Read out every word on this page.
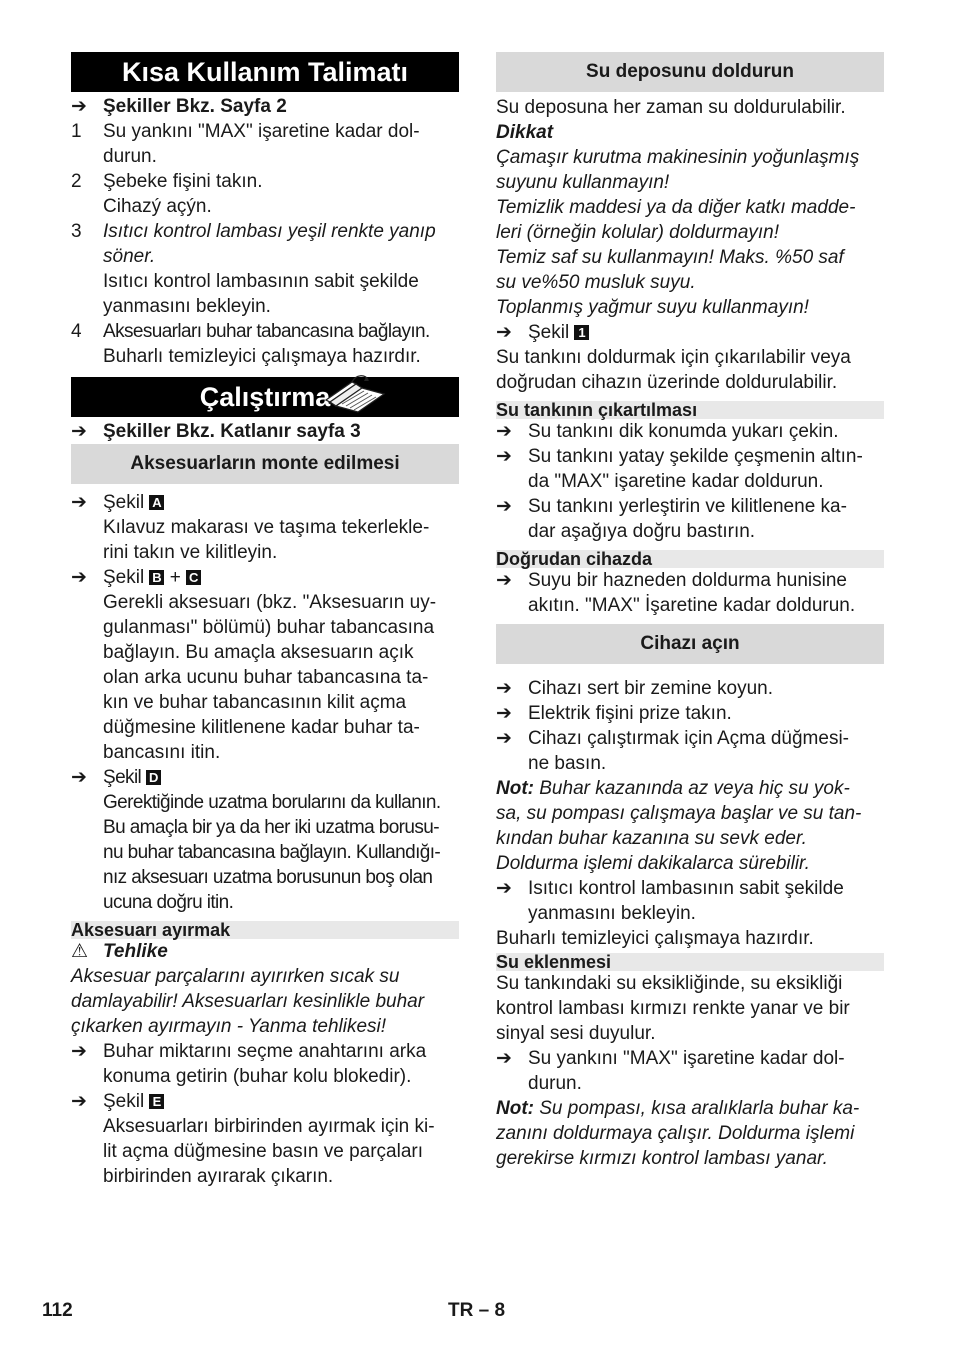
Kısa Kullanım Talimatı
➔ Şekiller Bkz. Sayfa 2
1	Su yankını "MAX" işaretine kadar dol-
durun.
2	Şebeke fişini takın.
Cihazý açýn.
3	Isıtıcı kontrol lambası yeşil renkte yanıp
söner.
Isıtıcı kontrol lambasının sabit şekilde
yanmasını bekleyin.
4	Aksesuarları buhar tabancasına bağlayın.
Buharlı temizleyici çalışmaya hazırdır.
Çalıştırma
➔ Şekiller Bkz. Katlanır sayfa 3
Aksesuarların monte edilmesi
➔ Şekil A
Kılavuz makarası ve taşıma tekerlekle-
rini takın ve kilitleyin.
➔ Şekil B + C
Gerekli aksesuarı (bkz. "Aksesuarın uy-
gulanması" bölümü) buhar tabancasına
bağlayın. Bu amaçla aksesuarın açık
olan arka ucunu buhar tabancasına ta-
kın ve buhar tabancasının kilit açma
düğmesine kilitlenene kadar buhar ta-
bancasını itin.
➔ Şekil D
Gerektiğinde uzatma borularını da kullanın.
Bu amaçla bir ya da her iki uzatma borusu-
nu buhar tabancasına bağlayın. Kullandığı-
nız aksesuarı uzatma borusunun boş olan
ucuna doğru itin.
Aksesuarı ayırmak
⚠ Tehlike
Aksesuar parçalarını ayırırken sıcak su
damlayabilir! Aksesuarları kesinlikle buhar
çıkarken ayırmayın - Yanma tehlikesi!
➔ Buhar miktarını seçme anahtarını arka
konuma getirin (buhar kolu blokedir).
➔ Şekil E
Aksesuarları birbirinden ayırmak için ki-
lit açma düğmesine basın ve parçaları
birbirinden ayırarak çıkarın.
Su deposunu doldurun
Su deposuna her zaman su doldurulabilir.
Dikkat
Çamaşır kurutma makinesinin yoğunlaşmış
suyunu kullanmayın!
Temizlik maddesi ya da diğer katkı madde-
leri (örneğin kolular) doldurmayın!
Temiz saf su kullanmayın! Maks. %50 saf
su ve%50 musluk suyu.
Toplanmış yağmur suyu kullanmayın!
➔ Şekil 1
Su tankını doldurmak için çıkarılabilir veya
doğrudan cihazın üzerinde doldurulabilir.
Su tankının çıkartılması
➔ Su tankını dik konumda yukarı çekin.
➔ Su tankını yatay şekilde çeşmenin altın-
da "MAX" işaretine kadar doldurun.
➔ Su tankını yerleştirin ve kilitlenene ka-
dar aşağıya doğru bastırın.
Doğrudan cihazda
➔ Suyu bir hazneden doldurma hunisine
akıtın. "MAX" İşaretine kadar doldurun.
Cihazı açın
➔ Cihazı sert bir zemine koyun.
➔ Elektrik fişini prize takın.
➔ Cihazı çalıştırmak için Açma düğmesi-
ne basın.
Not: Buhar kazanında az veya hiç su yok-
sa, su pompası çalışmaya başlar ve su tan-
kından buhar kazanına su sevk eder.
Doldurma işlemi dakikalarca sürebilir.
➔ Isıtıcı kontrol lambasının sabit şekilde
yanmasını bekleyin.
Buharlı temizleyici çalışmaya hazırdır.
Su eklenmesi
Su tankındaki su eksikliğinde, su eksikliği
kontrol lambası kırmızı renkte yanar ve bir
sinyal sesi duyulur.
➔ Su yankını "MAX" işaretine kadar dol-
durun.
Not: Su pompası, kısa aralıklarla buhar ka-
zanını doldurmaya çalışır. Doldurma işlemi
gerekirse kırmızı kontrol lambası yanar.
112	TR – 8
